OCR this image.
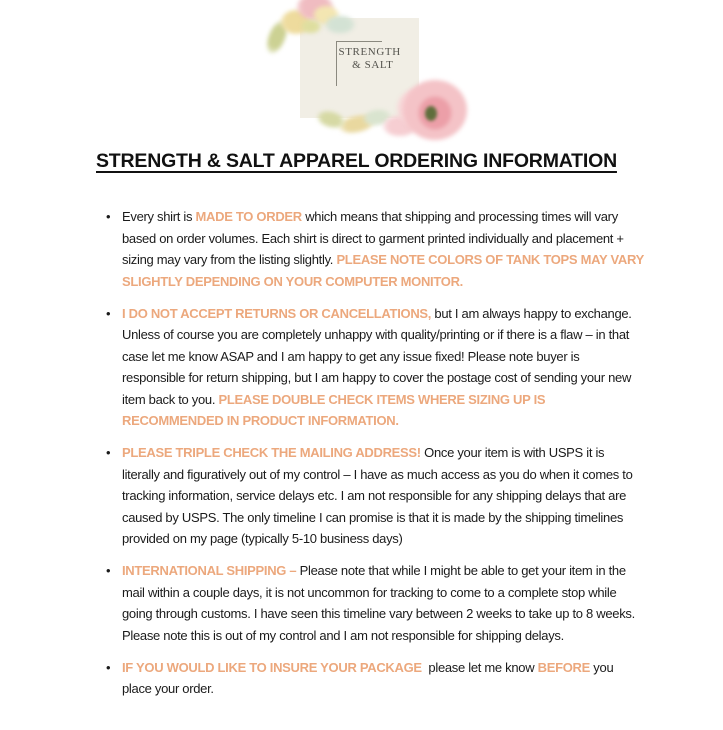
STRENGTH
& SALT
STRENGTH & SALT APPAREL ORDERING INFORMATION
• Every shirt is MADE TO ORDER which means that shipping and processing times will vary based on order volumes. Each shirt is direct to garment printed individually and placement + sizing may vary from the listing slightly. PLEASE NOTE COLORS OF TANK TOPS MAY VARY SLIGHTLY DEPENDING ON YOUR COMPUTER MONITOR.
• I DO NOT ACCEPT RETURNS OR CANCELLATIONS, but I am always happy to exchange. Unless of course you are completely unhappy with quality/printing or if there is a flaw – in that case let me know ASAP and I am happy to get any issue fixed! Please note buyer is responsible for return shipping, but I am happy to cover the postage cost of sending your new item back to you. PLEASE DOUBLE CHECK ITEMS WHERE SIZING UP IS RECOMMENDED IN PRODUCT INFORMATION.
• PLEASE TRIPLE CHECK THE MAILING ADDRESS! Once your item is with USPS it is literally and figuratively out of my control – I have as much access as you do when it comes to tracking information, service delays etc. I am not responsible for any shipping delays that are caused by USPS. The only timeline I can promise is that it is made by the shipping timelines provided on my page (typically 5-10 business days)
• INTERNATIONAL SHIPPING – Please note that while I might be able to get your item in the mail within a couple days, it is not uncommon for tracking to come to a complete stop while going through customs. I have seen this timeline vary between 2 weeks to take up to 8 weeks. Please note this is out of my control and I am not responsible for shipping delays.
• IF YOU WOULD LIKE TO INSURE YOUR PACKAGE  please let me know BEFORE you place your order.
